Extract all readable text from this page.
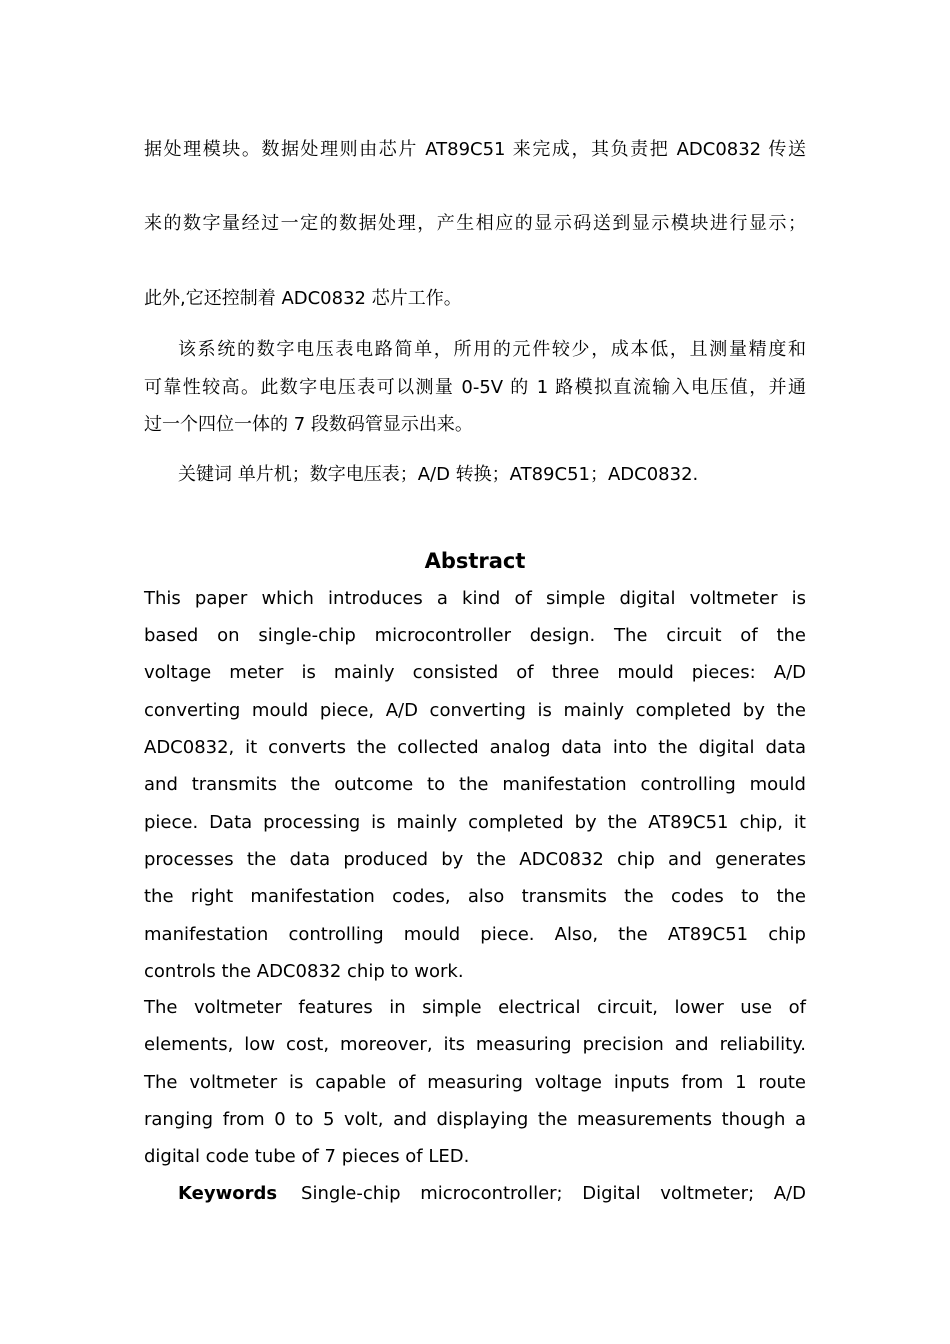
据处理模块。数据处理则由芯片 AT89C51 来完成，其负责把 ADC0832 传送
来的数字量经过一定的数据处理，产生相应的显示码送到显示模块进行显示；
此外,它还控制着 ADC0832 芯片工作。
该系统的数字电压表电路简单，所用的元件较少，成本低，且测量精度和
可靠性较高。此数字电压表可以测量 0-5V 的 1 路模拟直流输入电压值，并通
过一个四位一体的 7 段数码管显示出来。
关键词 单片机；数字电压表；A/D 转换；AT89C51；ADC0832.
Abstract
This paper which introduces a kind of simple digital voltmeter is
based on single-chip microcontroller design. The circuit of the
voltage meter is mainly consisted of three mould pieces: A/D
converting mould piece, A/D converting is mainly completed by the
ADC0832, it converts the collected analog data into the digital data
and transmits the outcome to the manifestation controlling mould
piece. Data processing is mainly completed by the AT89C51 chip, it
processes the data produced by the ADC0832 chip and generates
the right manifestation codes, also transmits the codes to the
manifestation controlling mould piece. Also, the AT89C51 chip
controls the ADC0832 chip to work.
The voltmeter features in simple electrical circuit, lower use of
elements, low cost, moreover, its measuring precision and reliability.
The voltmeter is capable of measuring voltage inputs from 1 route
ranging from 0 to 5 volt, and displaying the measurements though a
digital code tube of 7 pieces of LED.
Keywords Single-chip microcontroller; Digital voltmeter; A/D
